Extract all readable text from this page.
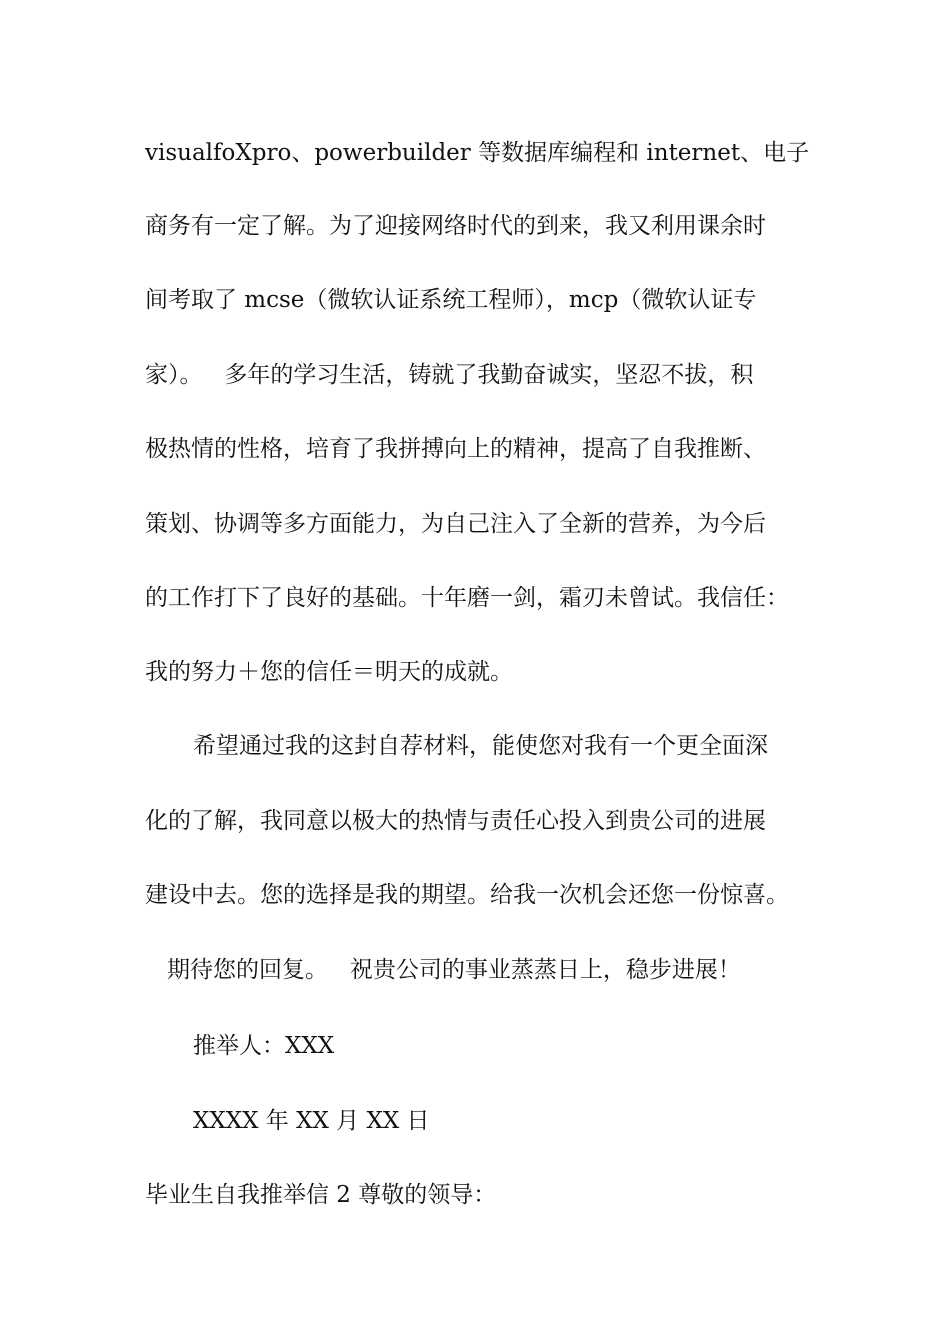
visualfoXpro、powerbuilder 等数据库编程和 internet、电子
商务有一定了解。为了迎接网络时代的到来，我又利用课余时
间考取了 mcse（微软认证系统工程师），mcp（微软认证专
家）。   多年的学习生活，铸就了我勤奋诚实，坚忍不拔，积
极热情的性格，培育了我拼搏向上的精神，提高了自我推断、
策划、协调等多方面能力，为自己注入了全新的营养，为今后
的工作打下了良好的基础。十年磨一剑，霜刃未曾试。我信任：
我的努力＋您的信任＝明天的成就。
希望通过我的这封自荐材料，能使您对我有一个更全面深
化的了解，我同意以极大的热情与责任心投入到贵公司的进展
建设中去。您的选择是我的期望。给我一次机会还您一份惊喜。
期待您的回复。   祝贵公司的事业蒸蒸日上，稳步进展！
推举人：XXX
XXXX 年 XX 月 XX 日
毕业生自我推举信 2 尊敬的领导：
